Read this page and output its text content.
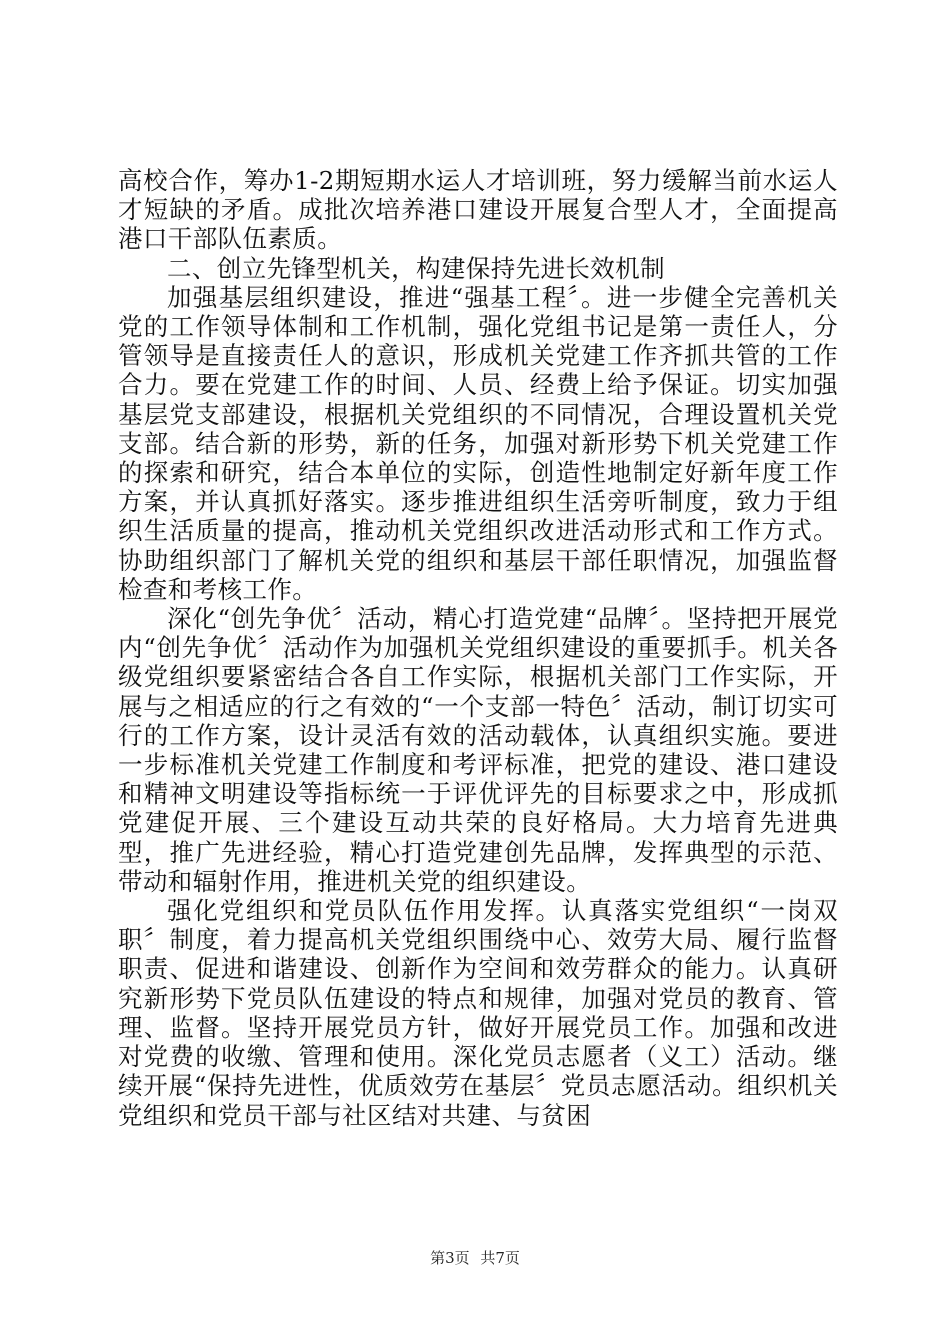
高校合作，筹办1-2期短期水运人才培训班，努力缓解当前水运人才短缺的矛盾。成批次培养港口建设开展复合型人才，全面提高港口干部队伍素质。

二、创立先锋型机关，构建保持先进长效机制

加强基层组织建设，推进“强基工程〞。进一步健全完善机关党的工作领导体制和工作机制，强化党组书记是第一责任人，分管领导是直接责任人的意识，形成机关党建工作齐抓共管的工作合力。要在党建工作的时间、人员、经费上给予保证。切实加强基层党支部建设，根据机关党组织的不同情况，合理设置机关党支部。结合新的形势，新的任务，加强对新形势下机关党建工作的探索和研究，结合本单位的实际，创造性地制定好新年度工作方案，并认真抓好落实。逐步推进组织生活旁听制度，致力于组织生活质量的提高，推动机关党组织改进活动形式和工作方式。协助组织部门了解机关党的组织和基层干部任职情况，加强监督检查和考核工作。

深化“创先争优〞活动，精心打造党建“品牌〞。坚持把开展党内“创先争优〞活动作为加强机关党组织建设的重要抓手。机关各级党组织要紧密结合各自工作实际，根据机关部门工作实际，开展与之相适应的行之有效的“一个支部一特色〞活动，制订切实可行的工作方案，设计灵活有效的活动载体，认真组织实施。要进一步标准机关党建工作制度和考评标准，把党的建设、港口建设和精神文明建设等指标统一于评优评先的目标要求之中，形成抓党建促开展、三个建设互动共荣的良好格局。大力培育先进典型，推广先进经验，精心打造党建创先品牌，发挥典型的示范、带动和辐射作用，推进机关党的组织建设。

强化党组织和党员队伍作用发挥。认真落实党组织“一岗双职〞制度，着力提高机关党组织围绕中心、效劳大局、履行监督职责、促进和谐建设、创新作为空间和效劳群众的能力。认真研究新形势下党员队伍建设的特点和规律，加强对党员的教育、管理、监督。坚持开展党员方针，做好开展党员工作。加强和改进对党费的收缴、管理和使用。深化党员志愿者（义工）活动。继续开展“保持先进性，优质效劳在基层〞党员志愿活动。组织机关党组织和党员干部与社区结对共建、与贫困

第3页 共7页
